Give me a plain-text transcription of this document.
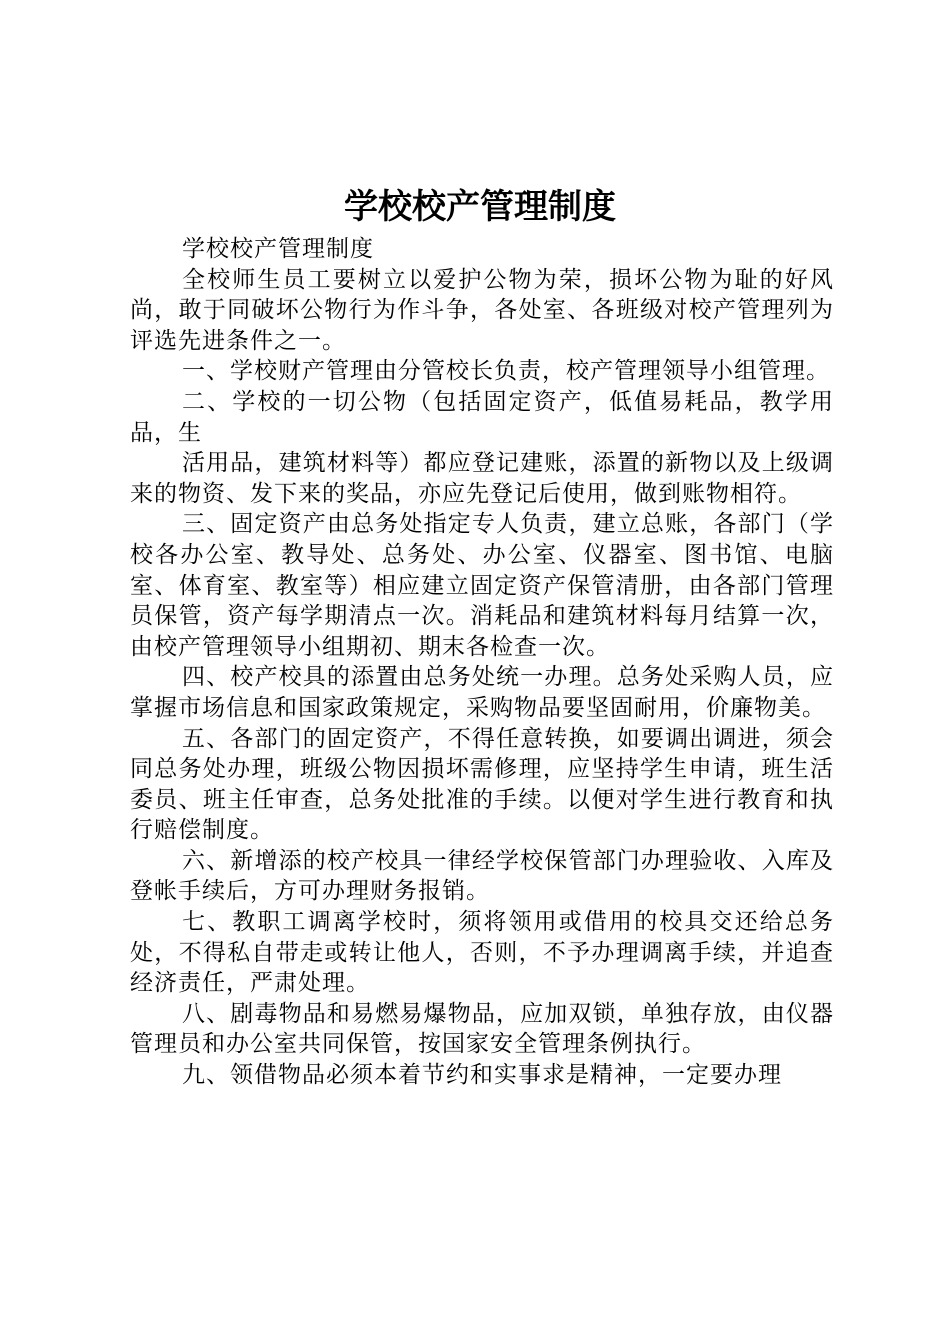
学校校产管理制度

学校校产管理制度

全校师生员工要树立以爱护公物为荣，损坏公物为耻的好风尚，敢于同破坏公物行为作斗争，各处室、各班级对校产管理列为评选先进条件之一。

一、学校财产管理由分管校长负责，校产管理领导小组管理。

二、学校的一切公物（包括固定资产，低值易耗品，教学用品，生

活用品，建筑材料等）都应登记建账，添置的新物以及上级调来的物资、发下来的奖品，亦应先登记后使用，做到账物相符。

三、固定资产由总务处指定专人负责，建立总账，各部门（学校各办公室、教导处、总务处、办公室、仪器室、图书馆、电脑室、体育室、教室等）相应建立固定资产保管清册，由各部门管理员保管，资产每学期清点一次。消耗品和建筑材料每月结算一次，由校产管理领导小组期初、期末各检查一次。

四、校产校具的添置由总务处统一办理。总务处采购人员，应掌握市场信息和国家政策规定，采购物品要坚固耐用，价廉物美。

五、各部门的固定资产，不得任意转换，如要调出调进，须会同总务处办理，班级公物因损坏需修理，应坚持学生申请，班生活委员、班主任审查，总务处批准的手续。以便对学生进行教育和执行赔偿制度。

六、新增添的校产校具一律经学校保管部门办理验收、入库及登帐手续后，方可办理财务报销。

七、教职工调离学校时，须将领用或借用的校具交还给总务处，不得私自带走或转让他人，否则，不予办理调离手续，并追查经济责任，严肃处理。

八、剧毒物品和易燃易爆物品，应加双锁，单独存放，由仪器管理员和办公室共同保管，按国家安全管理条例执行。

九、领借物品必须本着节约和实事求是精神，一定要办理
